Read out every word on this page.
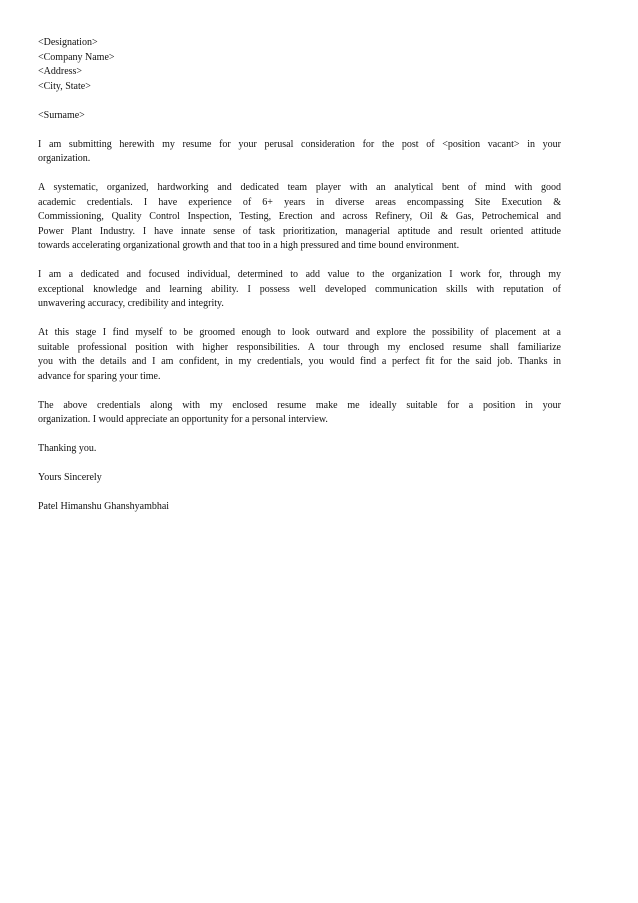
<Designation>
<Company Name>
<Address>
<City, State>
<Surname>
I am submitting herewith my resume for your perusal consideration for the post of <position vacant> in your
organization.
A systematic, organized, hardworking and dedicated team player with an analytical bent of mind with good
academic credentials. I have experience of 6+ years in diverse areas encompassing Site Execution &
Commissioning, Quality Control Inspection, Testing, Erection and across Refinery, Oil & Gas, Petrochemical and
Power Plant Industry. I have innate sense of task prioritization, managerial aptitude and result oriented attitude
towards accelerating organizational growth and that too in a high pressured and time bound environment.
I am a dedicated and focused individual, determined to add value to the organization I work for, through my
exceptional knowledge and learning ability. I possess well developed communication skills with reputation of
unwavering accuracy, credibility and integrity.
At this stage I find myself to be groomed enough to look outward and explore the possibility of placement at a
suitable professional position with higher responsibilities. A tour through my enclosed resume shall familiarize
you with the details and I am confident, in my credentials, you would find a perfect fit for the said job. Thanks in
advance for sparing your time.
The above credentials along with my enclosed resume make me ideally suitable for a position in your
organization. I would appreciate an opportunity for a personal interview.
Thanking you.
Yours Sincerely
Patel Himanshu Ghanshyambhai
